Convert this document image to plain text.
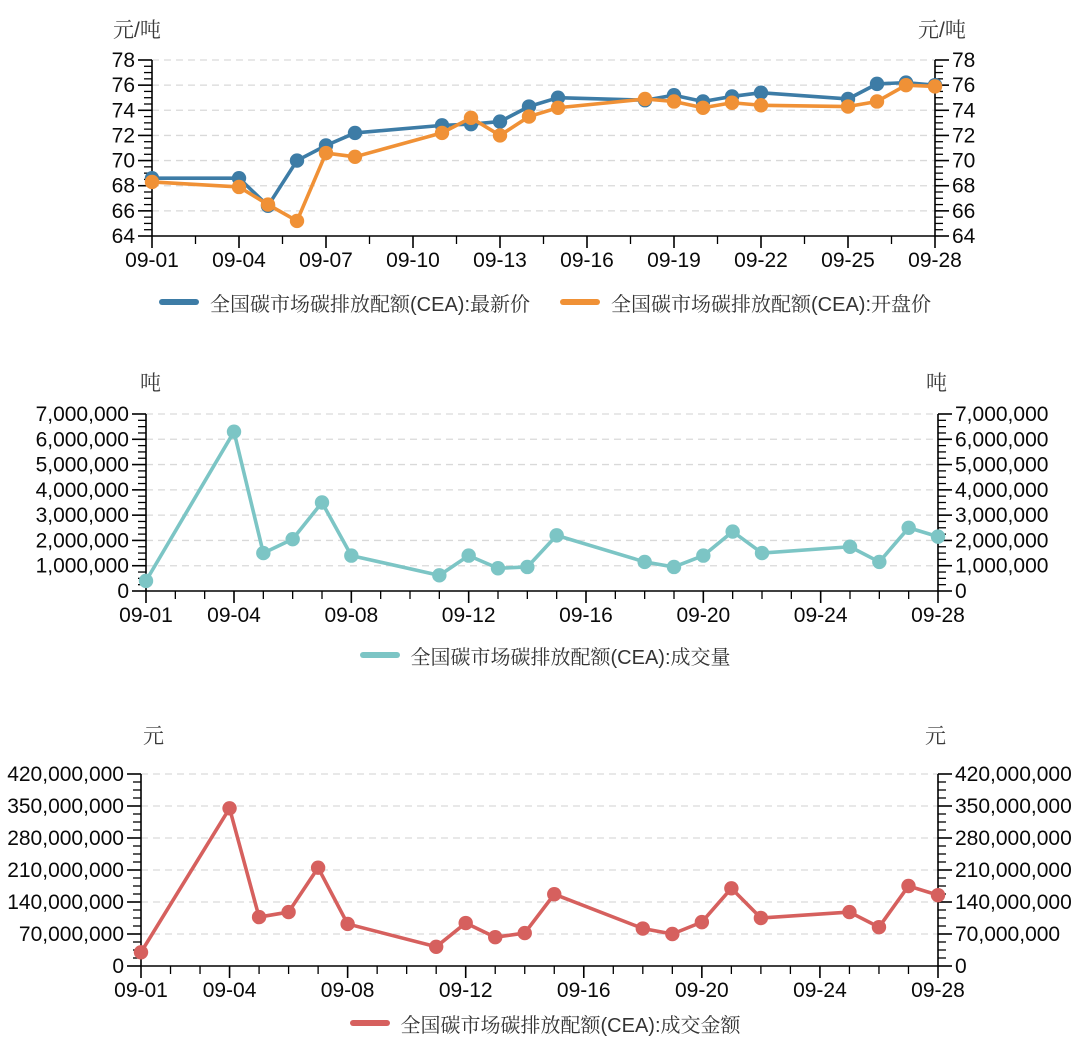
元/吨	元/吨
64	64
66	66
68	68
70	70
72	72
74	74
76	76
78	78
09-01 09-04 09-07 09-10 09-13 09-16 09-19 09-22 09-25 09-28
全国碳市场碳排放配额(CEA):最新价	全国碳市场碳排放配额(CEA):开盘价
吨	吨
0	0
1,000,000	1,000,000
2,000,000	2,000,000
3,000,000	3,000,000
4,000,000	4,000,000
5,000,000	5,000,000
6,000,000	6,000,000
7,000,000	7,000,000
09-01 09-04	09-08	09-12	09-16	09-20	09-24	09-28
全国碳市场碳排放配额(CEA):成交量
元	元
0	0
70,000,000	70,000,000
140,000,000	140,000,000
210,000,000	210,000,000
280,000,000	280,000,000
350,000,000	350,000,000
420,000,000	420,000,000
09-01 09-04	09-08	09-12	09-16	09-20	09-24	09-28
全国碳市场碳排放配额(CEA):成交金额
